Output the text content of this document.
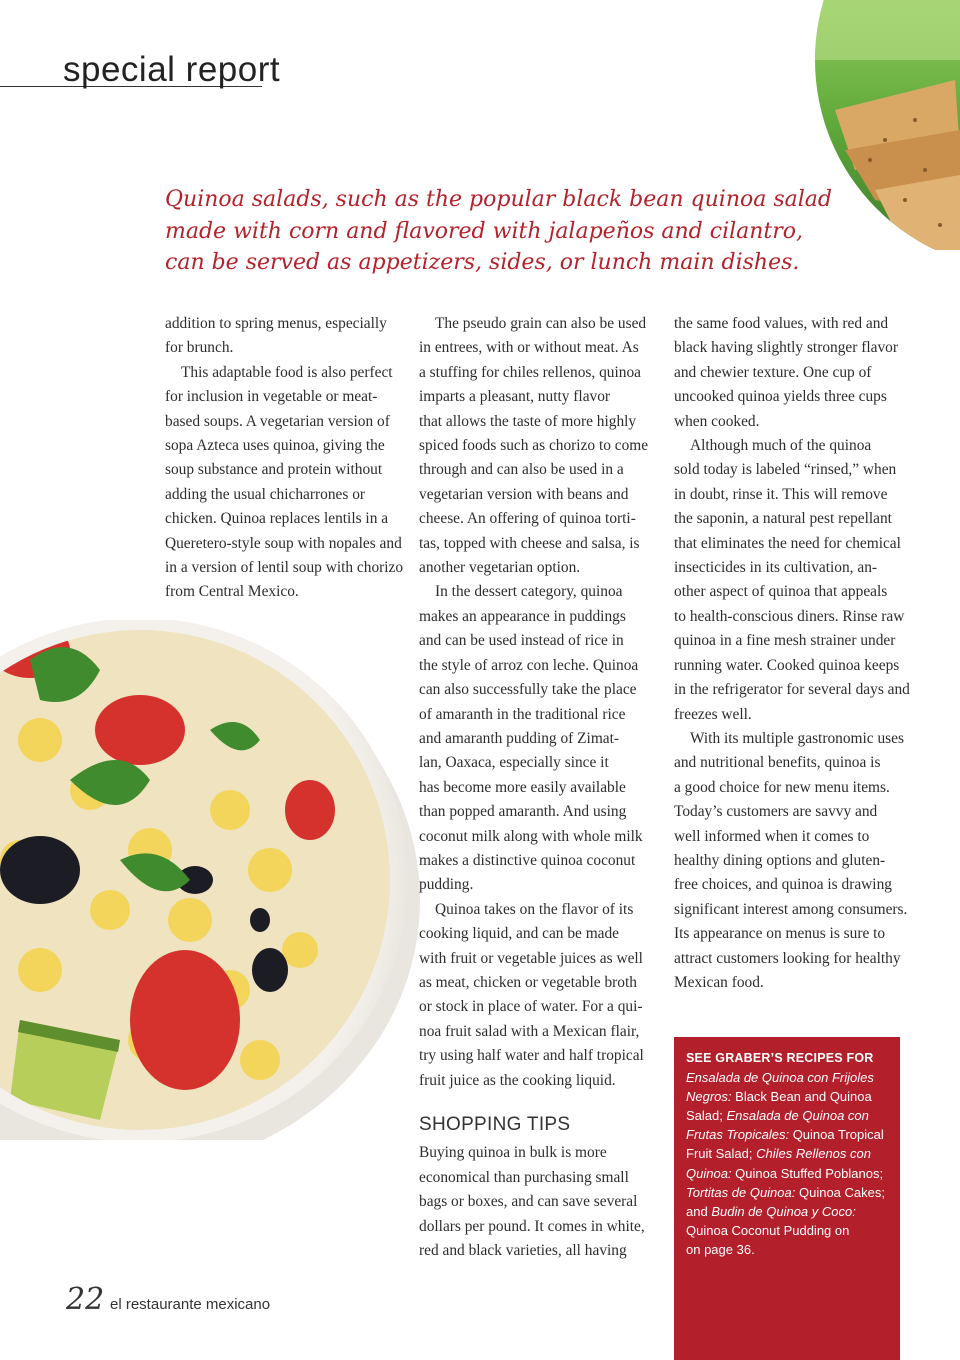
special report
Quinoa salads, such as the popular black bean quinoa salad
made with corn and flavored with jalapeños and cilantro,
can be served as appetizers, sides, or lunch main dishes.
addition to spring menus, especially
for brunch.
This adaptable food is also perfect
for inclusion in vegetable or meat-
based soups. A vegetarian version of
sopa Azteca uses quinoa, giving the
soup substance and protein without
adding the usual chicharrones or
chicken. Quinoa replaces lentils in a
Queretero-style soup with nopales and
in a version of lentil soup with chorizo
from Central Mexico.
The pseudo grain can also be used
in entrees, with or without meat. As
a stuffing for chiles rellenos, quinoa
imparts a pleasant, nutty flavor
that allows the taste of more highly
spiced foods such as chorizo to come
through and can also be used in a
vegetarian version with beans and
cheese. An offering of quinoa torti-
tas, topped with cheese and salsa, is
another vegetarian option.
In the dessert category, quinoa
makes an appearance in puddings
and can be used instead of rice in
the style of arroz con leche. Quinoa
can also successfully take the place
of amaranth in the traditional rice
and amaranth pudding of Zimat-
lan, Oaxaca, especially since it
has become more easily available
than popped amaranth. And using
coconut milk along with whole milk
makes a distinctive quinoa coconut
pudding.
Quinoa takes on the flavor of its
cooking liquid, and can be made
with fruit or vegetable juices as well
as meat, chicken or vegetable broth
or stock in place of water. For a qui-
noa fruit salad with a Mexican flair,
try using half water and half tropical
fruit juice as the cooking liquid.
SHOPPING TIPS
Buying quinoa in bulk is more
economical than purchasing small
bags or boxes, and can save several
dollars per pound. It comes in white,
red and black varieties, all having
the same food values, with red and
black having slightly stronger flavor
and chewier texture. One cup of
uncooked quinoa yields three cups
when cooked.
Although much of the quinoa
sold today is labeled “rinsed,” when
in doubt, rinse it. This will remove
the saponin, a natural pest repellant
that eliminates the need for chemical
insecticides in its cultivation, an-
other aspect of quinoa that appeals
to health-conscious diners. Rinse raw
quinoa in a fine mesh strainer under
running water. Cooked quinoa keeps
in the refrigerator for several days and
freezes well.
With its multiple gastronomic uses
and nutritional benefits, quinoa is
a good choice for new menu items.
Today’s customers are savvy and
well informed when it comes to
healthy dining options and gluten-
free choices, and quinoa is drawing
significant interest among consumers.
Its appearance on menus is sure to
attract customers looking for healthy
Mexican food.
SEE GRABER’S RECIPES FOR
Ensalada de Quinoa con Frijoles
Negros: Black Bean and Quinoa
Salad; Ensalada de Quinoa con
Frutas Tropicales: Quinoa Tropical
Fruit Salad; Chiles Rellenos con
Quinoa: Quinoa Stuffed Poblanos;
Tortitas de Quinoa: Quinoa Cakes;
and Budin de Quinoa y Coco:
Quinoa Coconut Pudding on
on page 36.
22 el restaurante mexicano
